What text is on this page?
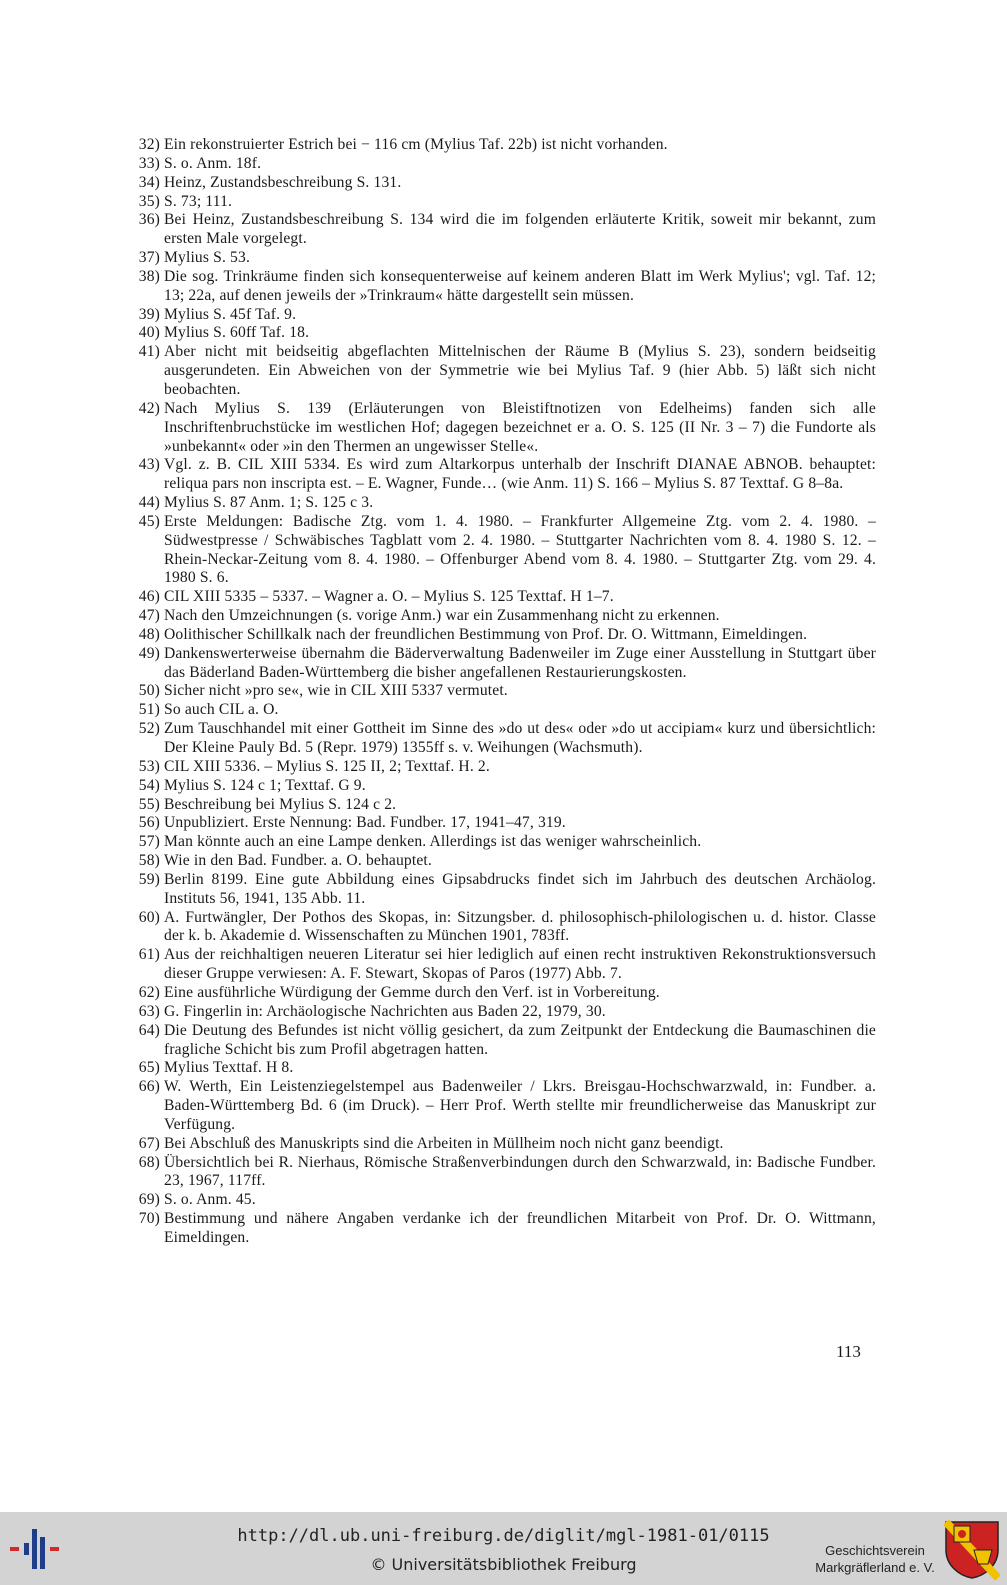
32) Ein rekonstruierter Estrich bei − 116 cm (Mylius Taf. 22b) ist nicht vorhanden.
33) S. o. Anm. 18f.
34) Heinz, Zustandsbeschreibung S. 131.
35) S. 73; 111.
36) Bei Heinz, Zustandsbeschreibung S. 134 wird die im folgenden erläuterte Kritik, soweit mir bekannt, zum ersten Male vorgelegt.
37) Mylius S. 53.
38) Die sog. Trinkräume finden sich konsequenterweise auf keinem anderen Blatt im Werk Mylius'; vgl. Taf. 12; 13; 22a, auf denen jeweils der »Trinkraum« hätte dargestellt sein müssen.
39) Mylius S. 45f Taf. 9.
40) Mylius S. 60ff Taf. 18.
41) Aber nicht mit beidseitig abgeflachten Mittelnischen der Räume B (Mylius S. 23), sondern beidseitig ausgerundeten. Ein Abweichen von der Symmetrie wie bei Mylius Taf. 9 (hier Abb. 5) läßt sich nicht beobachten.
42) Nach Mylius S. 139 (Erläuterungen von Bleistiftnotizen von Edelheims) fanden sich alle Inschriftenbruchstücke im westlichen Hof; dagegen bezeichnet er a. O. S. 125 (II Nr. 3 – 7) die Fundorte als »unbekannt« oder »in den Thermen an ungewisser Stelle«.
43) Vgl. z. B. CIL XIII 5334. Es wird zum Altarkorpus unterhalb der Inschrift DIANAE ABNOB. behauptet: reliqua pars non inscripta est. – E. Wagner, Funde… (wie Anm. 11) S. 166 – Mylius S. 87 Texttaf. G 8–8a.
44) Mylius S. 87 Anm. 1; S. 125 c 3.
45) Erste Meldungen: Badische Ztg. vom 1. 4. 1980. – Frankfurter Allgemeine Ztg. vom 2. 4. 1980. – Südwestpresse / Schwäbisches Tagblatt vom 2. 4. 1980. – Stuttgarter Nachrichten vom 8. 4. 1980 S. 12. – Rhein-Neckar-Zeitung vom 8. 4. 1980. – Offenburger Abend vom 8. 4. 1980. – Stuttgarter Ztg. vom 29. 4. 1980 S. 6.
46) CIL XIII 5335 – 5337. – Wagner a. O. – Mylius S. 125 Texttaf. H 1–7.
47) Nach den Umzeichnungen (s. vorige Anm.) war ein Zusammenhang nicht zu erkennen.
48) Oolithischer Schillkalk nach der freundlichen Bestimmung von Prof. Dr. O. Wittmann, Eimeldingen.
49) Dankenswerterweise übernahm die Bäderverwaltung Badenweiler im Zuge einer Ausstellung in Stuttgart über das Bäderland Baden-Württemberg die bisher angefallenen Restaurierungskosten.
50) Sicher nicht »pro se«, wie in CIL XIII 5337 vermutet.
51) So auch CIL a. O.
52) Zum Tauschhandel mit einer Gottheit im Sinne des »do ut des« oder »do ut accipiam« kurz und übersichtlich: Der Kleine Pauly Bd. 5 (Repr. 1979) 1355ff s. v. Weihungen (Wachsmuth).
53) CIL XIII 5336. – Mylius S. 125 II, 2; Texttaf. H. 2.
54) Mylius S. 124 c 1; Texttaf. G 9.
55) Beschreibung bei Mylius S. 124 c 2.
56) Unpubliziert. Erste Nennung: Bad. Fundber. 17, 1941–47, 319.
57) Man könnte auch an eine Lampe denken. Allerdings ist das weniger wahrscheinlich.
58) Wie in den Bad. Fundber. a. O. behauptet.
59) Berlin 8199. Eine gute Abbildung eines Gipsabdrucks findet sich im Jahrbuch des deutschen Archäolog. Instituts 56, 1941, 135 Abb. 11.
60) A. Furtwängler, Der Pothos des Skopas, in: Sitzungsber. d. philosophisch-philologischen u. d. histor. Classe der k. b. Akademie d. Wissenschaften zu München 1901, 783ff.
61) Aus der reichhaltigen neueren Literatur sei hier lediglich auf einen recht instruktiven Rekonstruktionsversuch dieser Gruppe verwiesen: A. F. Stewart, Skopas of Paros (1977) Abb. 7.
62) Eine ausführliche Würdigung der Gemme durch den Verf. ist in Vorbereitung.
63) G. Fingerlin in: Archäologische Nachrichten aus Baden 22, 1979, 30.
64) Die Deutung des Befundes ist nicht völlig gesichert, da zum Zeitpunkt der Entdeckung die Baumaschinen die fragliche Schicht bis zum Profil abgetragen hatten.
65) Mylius Texttaf. H 8.
66) W. Werth, Ein Leistenziegelstempel aus Badenweiler / Lkrs. Breisgau-Hochschwarzwald, in: Fundber. a. Baden-Württemberg Bd. 6 (im Druck). – Herr Prof. Werth stellte mir freundlicherweise das Manuskript zur Verfügung.
67) Bei Abschluß des Manuskripts sind die Arbeiten in Müllheim noch nicht ganz beendigt.
68) Übersichtlich bei R. Nierhaus, Römische Straßenverbindungen durch den Schwarzwald, in: Badische Fundber. 23, 1967, 117ff.
69) S. o. Anm. 45.
70) Bestimmung und nähere Angaben verdanke ich der freundlichen Mitarbeit von Prof. Dr. O. Wittmann, Eimeldingen.
113
http://dl.ub.uni-freiburg.de/diglit/mgl-1981-01/0115
© Universitätsbibliothek Freiburg
Geschichtsverein
Markgräflerland e. V.
